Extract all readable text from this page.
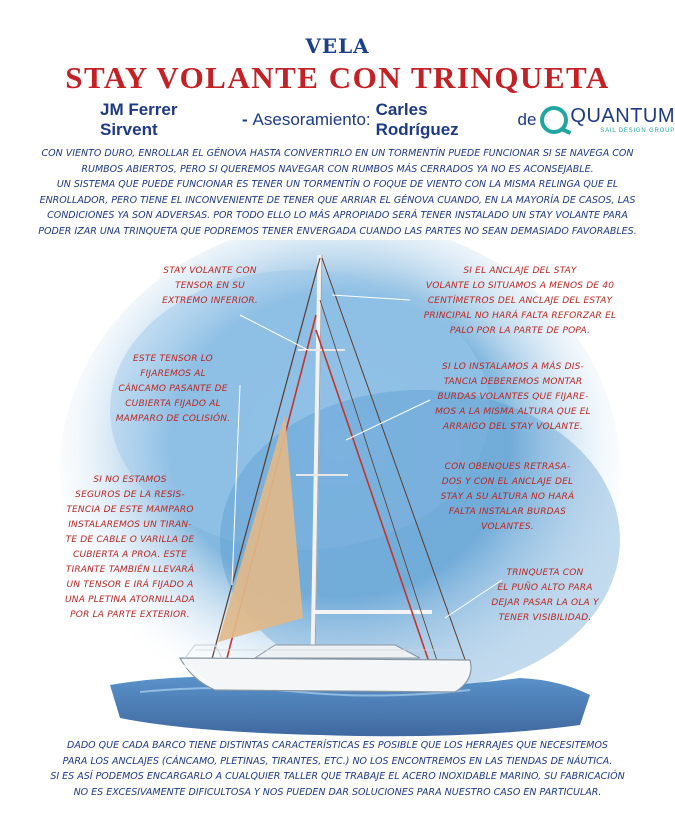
VELA
STAY VOLANTE CON TRINQUETA
JM Ferrer Sirvent
- Asesoramiento:
Carles Rodríguez
de QUANTUM
SAIL DESIGN GROUP

CON VIENTO DURO, ENROLLAR EL GÉNOVA HASTA CONVERTIRLO EN UN TORMENTÍN PUEDE FUNCIONAR SI SE NAVEGA CON

RUMBOS ABIERTOS, PERO SI QUEREMOS NAVEGAR CON RUMBOS MÁS CERRADOS YA NO ES ACONSEJABLE.

UN SISTEMA QUE PUEDE FUNCIONAR ES TENER UN TORMENTÍN O FOQUE DE VIENTO CON LA MISMA RELINGA QUE EL

ENROLLADOR, PERO TIENE EL INCONVENIENTE DE TENER QUE ARRIAR EL GÉNOVA CUANDO, EN LA MAYORÍA DE CASOS, LAS

CONDICIONES YA SON ADVERSAS. POR TODO ELLO LO MÁS APROPIADO SERÁ TENER INSTALADO UN STAY VOLANTE PARA

PODER IZAR UNA TRINQUETA QUE PODREMOS TENER ENVERGADA CUANDO LAS PARTES NO SEAN DEMASIADO FAVORABLES.

STAY VOLANTE CON
TENSOR EN SU
EXTREMO INFERIOR.
ESTE TENSOR LO
FIJAREMOS AL
CÁNCAMO PASANTE DE
CUBIERTA FIJADO AL
MAMPARO DE COLISIÓN.
SI NO ESTAMOS
SEGUROS DE LA RESIS-
TENCIA DE ESTE MAMPARO
INSTALAREMOS UN TIRAN-
TE DE CABLE O VARILLA DE
CUBIERTA A PROA. ESTE
TIRANTE TAMBIÉN LLEVARÁ
UN TENSOR E IRÁ FIJADO A
UNA PLETINA ATORNILLADA
POR LA PARTE EXTERIOR.
SI EL ANCLAJE DEL STAY
VOLANTE LO SITUAMOS A MENOS DE 40
CENTÍMETROS DEL ANCLAJE DEL ESTAY
PRINCIPAL NO HARÁ FALTA REFORZAR EL
PALO POR LA PARTE DE POPA.
SI LO INSTALAMOS A MÁS DIS-
TANCIA DEBEREMOS MONTAR
BURDAS VOLANTES QUE FIJARE-
MOS A LA MISMA ALTURA QUE EL
ARRAIGO DEL STAY VOLANTE.
CON OBENQUES RETRASA-
DOS Y CON EL ANCLAJE DEL
STAY A SU ALTURA NO HARÁ
FALTA INSTALAR BURDAS
VOLANTES.
TRINQUETA CON
EL PUÑO ALTO PARA
DEJAR PASAR LA OLA Y
TENER VISIBILIDAD.

DADO QUE CADA BARCO TIENE DISTINTAS CARACTERÍSTICAS ES POSIBLE QUE LOS HERRAJES QUE NECESITEMOS

PARA LOS ANCLAJES (CÁNCAMO, PLETINAS, TIRANTES, ETC.) NO LOS ENCONTREMOS EN LAS TIENDAS DE NÁUTICA.

SI ES ASÍ PODEMOS ENCARGARLO A CUALQUIER TALLER QUE TRABAJE EL ACERO INOXIDABLE MARINO, SU FABRICACIÓN

NO ES EXCESIVAMENTE DIFICULTOSA Y NOS PUEDEN DAR SOLUCIONES PARA NUESTRO CASO EN PARTICULAR.
